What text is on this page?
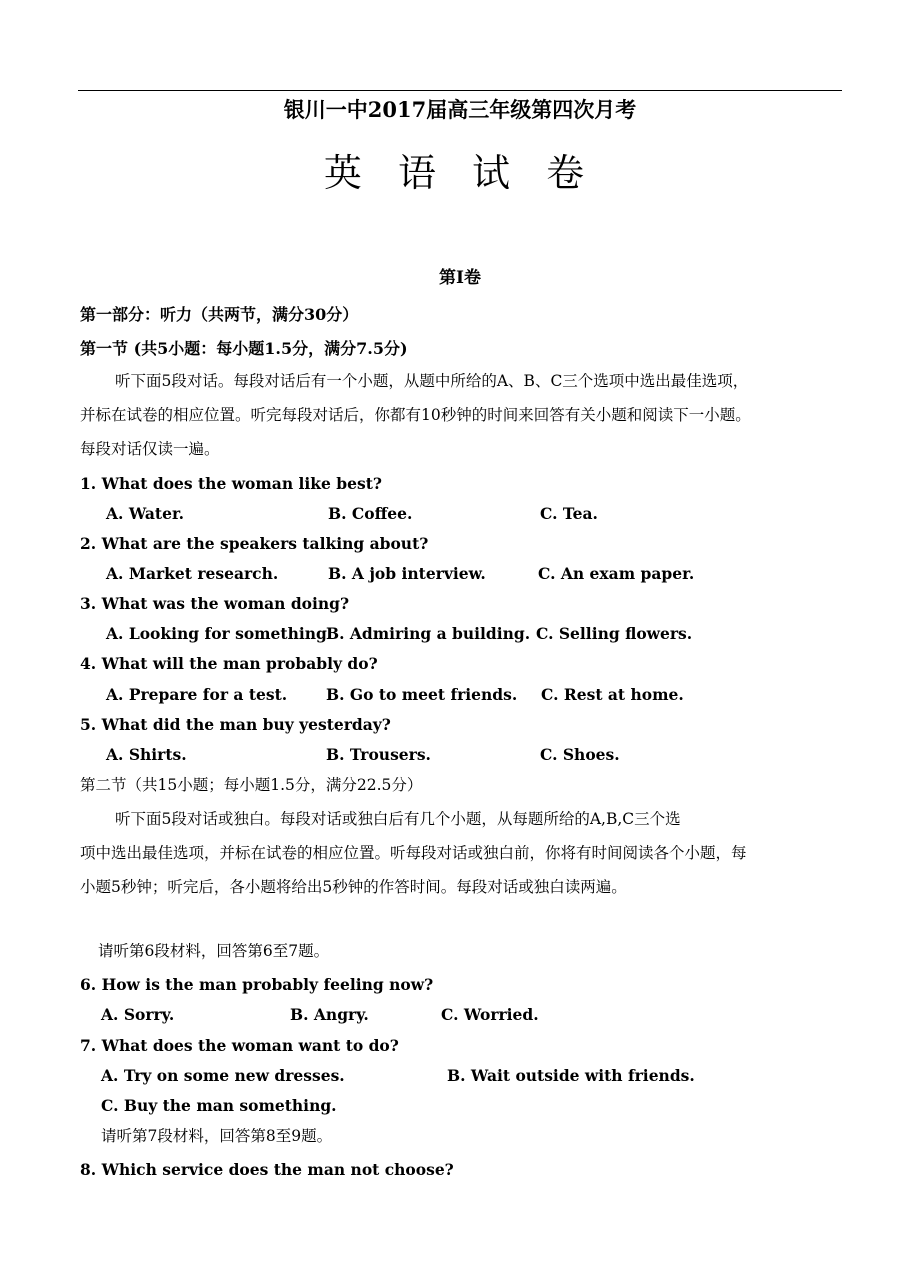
银川一中2017届高三年级第四次月考
英 语 试 卷
第Ⅰ卷
第一部分：听力（共两节，满分30分）
第一节 (共5小题：每小题1.5分，满分7.5分)
听下面5段对话。每段对话后有一个小题，从题中所给的A、B、C三个选项中选出最佳选项，
并标在试卷的相应位置。听完每段对话后，你都有10秒钟的时间来回答有关小题和阅读下一小题。
每段对话仅读一遍。
1. What does the woman like best?
A. Water.	B. Coffee.	C. Tea.
2. What are the speakers talking about?
A. Market research.	B. A job interview.	C. An exam paper.
3. What was the woman doing?
A. Looking for something.
B. Admiring a building. C. Selling flowers.
4. What will the man probably do?
A. Prepare for a test.	B. Go to meet friends. C. Rest at home.
5. What did the man buy yesterday?
A. Shirts.	B. Trousers.	C. Shoes.
第二节（共15小题；每小题1.5分，满分22.5分）
听下面5段对话或独白。每段对话或独白后有几个小题，从每题所给的A,B,C三个选
项中选出最佳选项，并标在试卷的相应位置。听每段对话或独白前，你将有时间阅读各个小题，每
小题5秒钟；听完后，各小题将给出5秒钟的作答时间。每段对话或独白读两遍。
请听第6段材料，回答第6至7题。
6. How is the man probably feeling now?
A. Sorry.	B. Angry.	C. Worried.
7. What does the woman want to do?
A. Try on some new dresses.	B. Wait outside with friends.
C. Buy the man something.
请听第7段材料，回答第8至9题。
8. Which service does the man not choose?
